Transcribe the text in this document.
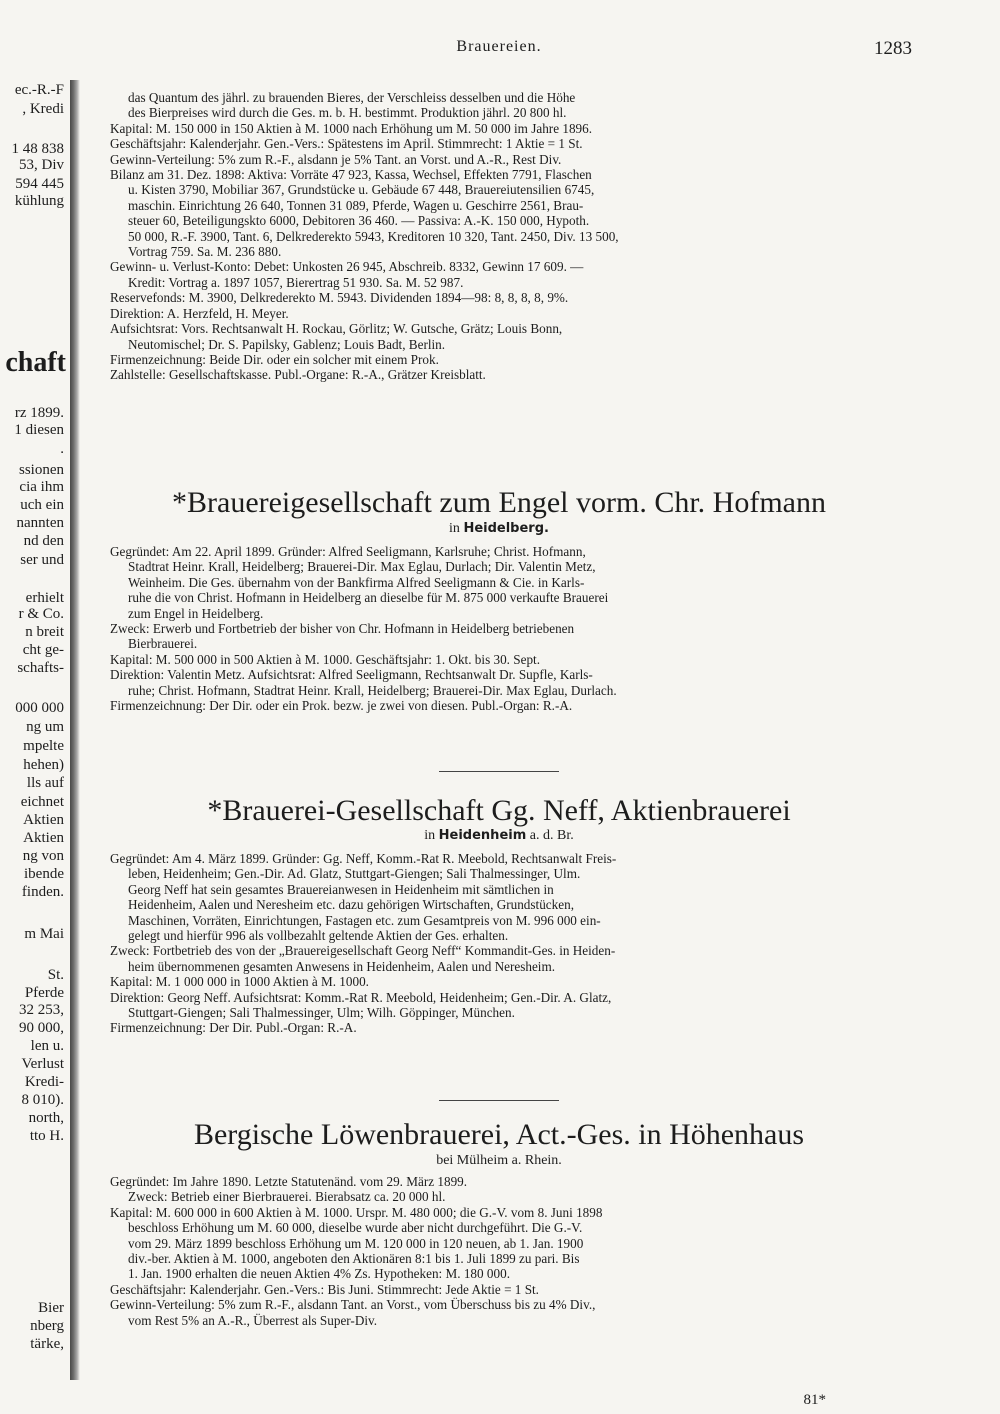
ec.-R.-F
, Kredi
1 48 838
53, Div
594 445
kühlung
chaft
rz 1899.
1 diesen
.
ssionen
cia ihm
uch ein
nannten
nd den
ser und
erhielt
r & Co.
n breit
cht ge-
schafts-
000 000
ng um
mpelte
hehen)
lls auf
eichnet
Aktien
Aktien
ng von
ibende
finden.
m Mai
St.
Pferde
32 253,
90 000,
len u.
Verlust
Kredi-
8 010).
north,
tto H.
Bier
nberg
tärke,
Brauereien.	1283
das Quantum des jährl. zu brauenden Bieres, der Verschleiss desselben und die Höhe
des Bierpreises wird durch die Ges. m. b. H. bestimmt. Produktion jährl. 20 800 hl.
Kapital: M. 150 000 in 150 Aktien à M. 1000 nach Erhöhung um M. 50 000 im Jahre 1896.
Geschäftsjahr: Kalenderjahr. Gen.-Vers.: Spätestens im April. Stimmrecht: 1 Aktie = 1 St.
Gewinn-Verteilung: 5% zum R.-F., alsdann je 5% Tant. an Vorst. und A.-R., Rest Div.
Bilanz am 31. Dez. 1898: Aktiva: Vorräte 47 923, Kassa, Wechsel, Effekten 7791, Flaschen
u. Kisten 3790, Mobiliar 367, Grundstücke u. Gebäude 67 448, Brauereiutensilien 6745,
maschin. Einrichtung 26 640, Tonnen 31 089, Pferde, Wagen u. Geschirre 2561, Brau-
steuer 60, Beteiligungskto 6000, Debitoren 36 460. — Passiva: A.-K. 150 000, Hypoth.
50 000, R.-F. 3900, Tant. 6, Delkrederekto 5943, Kreditoren 10 320, Tant. 2450, Div. 13 500,
Vortrag 759. Sa. M. 236 880.
Gewinn- u. Verlust-Konto: Debet: Unkosten 26 945, Abschreib. 8332, Gewinn 17 609. —
Kredit: Vortrag a. 1897 1057, Bierertrag 51 930. Sa. M. 52 987.
Reservefonds: M. 3900, Delkrederekto M. 5943. Dividenden 1894—98: 8, 8, 8, 8, 9%.
Direktion: A. Herzfeld, H. Meyer.
Aufsichtsrat: Vors. Rechtsanwalt H. Rockau, Görlitz; W. Gutsche, Grätz; Louis Bonn,
Neutomischel; Dr. S. Papilsky, Gablenz; Louis Badt, Berlin.
Firmenzeichnung: Beide Dir. oder ein solcher mit einem Prok.
Zahlstelle: Gesellschaftskasse. Publ.-Organe: R.-A., Grätzer Kreisblatt.
*Brauereigesellschaft zum Engel vorm. Chr. Hofmann
in Heidelberg.
Gegründet: Am 22. April 1899. Gründer: Alfred Seeligmann, Karlsruhe; Christ. Hofmann,
Stadtrat Heinr. Krall, Heidelberg; Brauerei-Dir. Max Eglau, Durlach; Dir. Valentin Metz,
Weinheim. Die Ges. übernahm von der Bankfirma Alfred Seeligmann & Cie. in Karls-
ruhe die von Christ. Hofmann in Heidelberg an dieselbe für M. 875 000 verkaufte Brauerei
zum Engel in Heidelberg.
Zweck: Erwerb und Fortbetrieb der bisher von Chr. Hofmann in Heidelberg betriebenen
Bierbrauerei.
Kapital: M. 500 000 in 500 Aktien à M. 1000. Geschäftsjahr: 1. Okt. bis 30. Sept.
Direktion: Valentin Metz. Aufsichtsrat: Alfred Seeligmann, Rechtsanwalt Dr. Supfle, Karls-
ruhe; Christ. Hofmann, Stadtrat Heinr. Krall, Heidelberg; Brauerei-Dir. Max Eglau, Durlach.
Firmenzeichnung: Der Dir. oder ein Prok. bezw. je zwei von diesen. Publ.-Organ: R.-A.
*Brauerei-Gesellschaft Gg. Neff, Aktienbrauerei
in Heidenheim a. d. Br.
Gegründet: Am 4. März 1899. Gründer: Gg. Neff, Komm.-Rat R. Meebold, Rechtsanwalt Freis-
leben, Heidenheim; Gen.-Dir. Ad. Glatz, Stuttgart-Giengen; Sali Thalmessinger, Ulm.
Georg Neff hat sein gesamtes Brauereianwesen in Heidenheim mit sämtlichen in
Heidenheim, Aalen und Neresheim etc. dazu gehörigen Wirtschaften, Grundstücken,
Maschinen, Vorräten, Einrichtungen, Fastagen etc. zum Gesamtpreis von M. 996 000 ein-
gelegt und hierfür 996 als vollbezahlt geltende Aktien der Ges. erhalten.
Zweck: Fortbetrieb des von der „Brauereigesellschaft Georg Neff“ Kommandit-Ges. in Heiden-
heim übernommenen gesamten Anwesens in Heidenheim, Aalen und Neresheim.
Kapital: M. 1 000 000 in 1000 Aktien à M. 1000.
Direktion: Georg Neff. Aufsichtsrat: Komm.-Rat R. Meebold, Heidenheim; Gen.-Dir. A. Glatz,
Stuttgart-Giengen; Sali Thalmessinger, Ulm; Wilh. Göppinger, München.
Firmenzeichnung: Der Dir. Publ.-Organ: R.-A.
Bergische Löwenbrauerei, Act.-Ges. in Höhenhaus
bei Mülheim a. Rhein.
Gegründet: Im Jahre 1890. Letzte Statutenänd. vom 29. März 1899.
Zweck: Betrieb einer Bierbrauerei. Bierabsatz ca. 20 000 hl.
Kapital: M. 600 000 in 600 Aktien à M. 1000. Urspr. M. 480 000; die G.-V. vom 8. Juni 1898
beschloss Erhöhung um M. 60 000, dieselbe wurde aber nicht durchgeführt. Die G.-V.
vom 29. März 1899 beschloss Erhöhung um M. 120 000 in 120 neuen, ab 1. Jan. 1900
div.-ber. Aktien à M. 1000, angeboten den Aktionären 8:1 bis 1. Juli 1899 zu pari. Bis
1. Jan. 1900 erhalten die neuen Aktien 4% Zs. Hypotheken: M. 180 000.
Geschäftsjahr: Kalenderjahr. Gen.-Vers.: Bis Juni. Stimmrecht: Jede Aktie = 1 St.
Gewinn-Verteilung: 5% zum R.-F., alsdann Tant. an Vorst., vom Überschuss bis zu 4% Div.,
vom Rest 5% an A.-R., Überrest als Super-Div.
81*
